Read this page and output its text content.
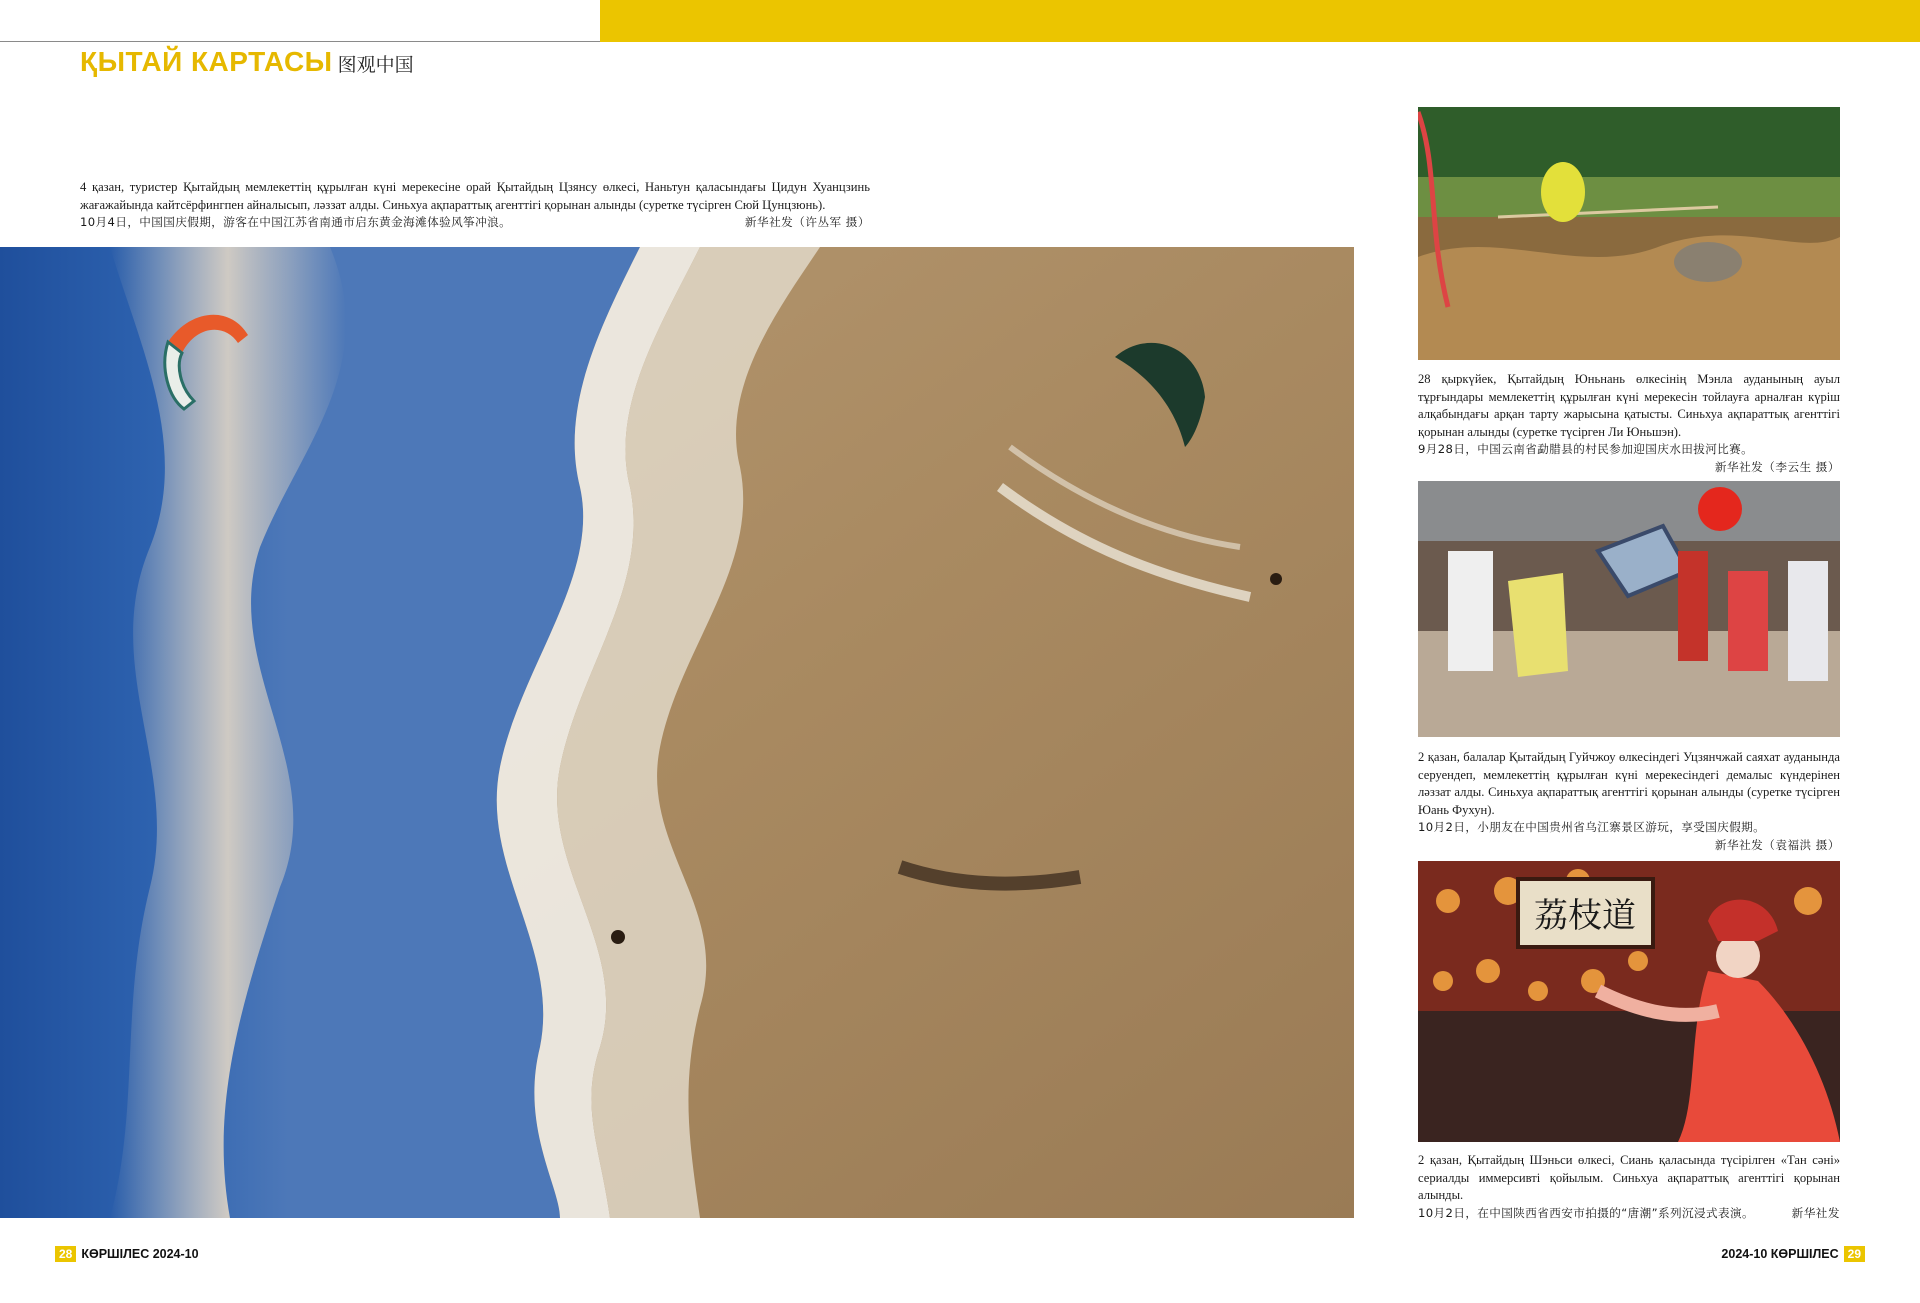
ҚЫТАЙ КАРТАСЫ 图观中国
4 қазан, туристер Қытайдың мемлекеттің құрылған күні мерекесіне орай Қытайдың Цзянсу өлкесі, Наньтун қаласындағы Цидун Хуанцзинь жағажайында кайтсёрфингпен айналысып, ләззат алды. Синьхуа ақпараттық агенттігі қорынан алынды (суретке түсірген Сюй Цунцзюнь).
10月4日，中国国庆假期，游客在中国江苏省南通市启东黄金海滩体验风筝冲浪。	新华社发（许丛军 摄）
28 қыркүйек, Қытайдың Юньнань өлкесінің Мэнла ауданының ауыл тұрғындары мемлекеттің құрылған күні мерекесін тойлауға арналған күріш алқабындағы арқан тарту жарысына қатысты. Синьхуа ақпараттық агенттігі қорынан алынды (суретке түсірген Ли Юньшэн).
9月28日，中国云南省勐腊县的村民参加迎国庆水田拔河比赛。
新华社发（李云生 摄）
2 қазан, балалар Қытайдың Гуйчжоу өлкесіндегі Уцзянчжай саяхат ауданында серуендеп, мемлекеттің құрылған күні мерекесіндегі демалыс күндерінен ләззат алды. Синьхуа ақпараттық агенттігі қорынан алынды (суретке түсірген Юань Фухун).
10月2日，小朋友在中国贵州省乌江寨景区游玩，享受国庆假期。
新华社发（袁福洪 摄）
荔枝道
2 қазан, Қытайдың Шэньси өлкесі, Сиань қаласында түсірілген «Тан сәні» сериалды иммерсивті қойылым. Синьхуа ақпараттық агенттігі қорынан алынды.
10月2日，在中国陕西省西安市拍摄的“唐潮”系列沉浸式表演。	新华社发
28 КӨРШІЛЕС 2024-10	2024-10 КӨРШІЛЕС 29
